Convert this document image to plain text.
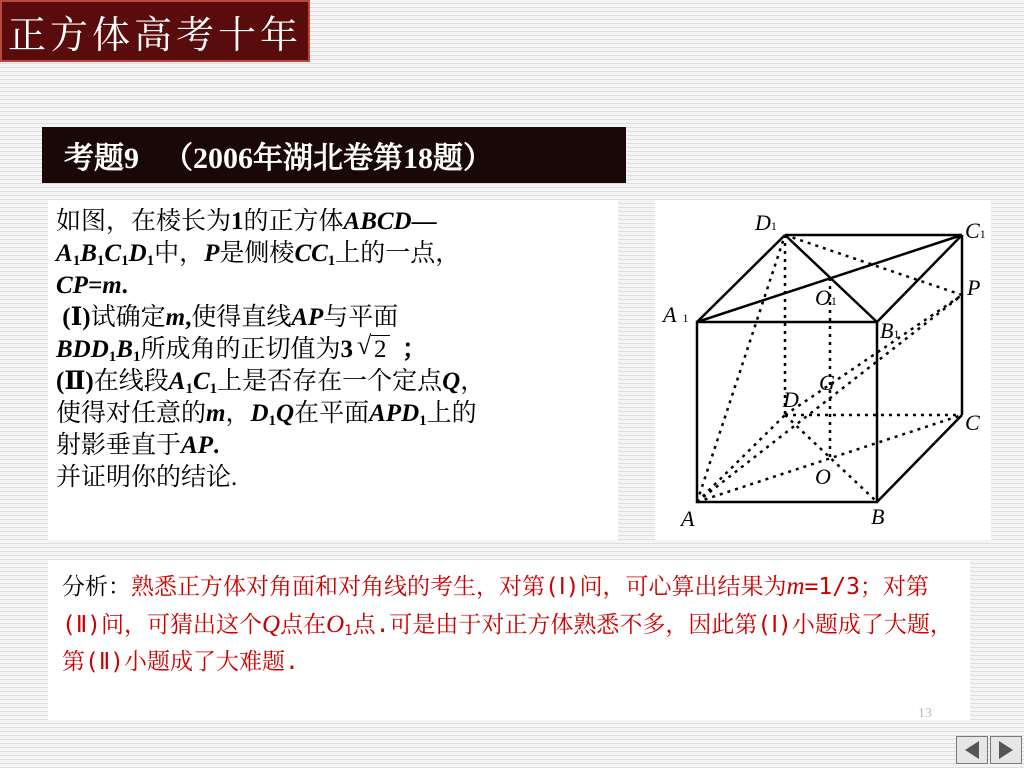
正方体高考十年
考题9 （2006年湖北卷第18题）
如图，在棱长为1的正方体ABCD—
$A_1B_1C_1D_1$中，P是侧棱$CC_1$上的一点，
CP=m.
(Ⅰ)试确定m,使得直线AP与平面
$BDD_1B_1$所成角的正切值为3 √ 2 ；
(Ⅱ)在线段$A_1C_1$上是否存在一个定点Q，
使得对任意的m，$D_1Q$在平面$APD_1$上的
射影垂直于AP.
并证明你的结论.
D1	C1
P
O1
A 1	B1
G
D
C
O
A	B
分析：熟悉正方体对角面和对角线的考生，对第(Ⅰ)问，可心算出结果为m=1/3；对第(Ⅱ)问，可猜出这个Q点在$O_1$点.可是由于对正方体熟悉不多，因此第(Ⅰ)小题成了大题，第(Ⅱ)小题成了大难题.
13
